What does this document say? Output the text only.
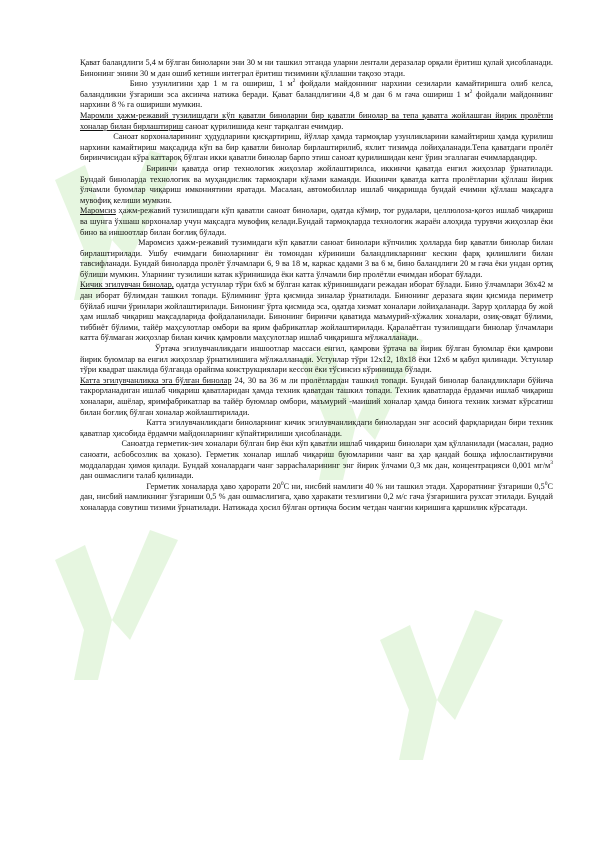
Қават баландлиги 5,4 м бўлган биноларни эни 30 м ни ташкил этганда уларни лентали деразалар орқали ёритиш қулай ҳисобланади. Бинонинг энини 30 м дан ошиб кетиши интеграл ёритиш тизимини қўллашни тақозо этади.

Бино узунлигини ҳар 1 м га ошириш, 1 $м^2$ фойдали майдоннинг нархини сезиларли камайтиришга олиб келса, баландликни ўзгариши эса аксинча натижа беради. Қават баландлигини 4,8 м дан 6 м гача ошириш 1 $м^2$ фойдали майдоннинг нархини 8 % га ошириши мумкин.

Маромли ҳажм-режавий тузилишдаги кўп қаватли биноларни бир қаватли бинолар ва тепа қаватга жойлашган йирик пролётли хоналар билан бирлаштириш саноат қурилишида кенг тарқалган ечимдир.

Саноат корхоналарининг ҳудудларини қисқартириш, йўллар ҳамда тармоқлар узунликларини камайтириш ҳамда қурилиш нархини камайтириш мақсадида кўп ва бир қаватли бинолар бирлаштирилиб, яхлит тизимда лойиҳаланади.Тепа қаватдаги пролёт биринчисидан кўра каттароқ бўлган икки қаватли бинолар барпо этиш саноат қурилишидан кенг ўрин эгаллаган ечимлардандир.

Биринчи қаватда оғир технологик жиҳозлар жойлаштирилса, иккинчи қаватда енгил жиҳозлар ўрнатилади. Бундай биноларда технологик ва муҳандислик тармоқлари кўлами камаяди. Иккинчи қаватда катта пролётларни қўллаш йирик ўлчамли буюмлар чиқариш имкониятини яратади. Масалан, автомобиллар ишлаб чиқаришда бундай ечимни қўллаш мақсадга мувофиқ келиши мумкин.

Маромсиз ҳажм-режавий тузилишдаги кўп қаватли саноат бинолари, одатда кўмир, тоғ рудалари, целлюлоза-қоғоз ишлаб чиқариш ва шунга ўхшаш корхоналар учун мақсадга мувофиқ келади.Бундай тармоқларда технологик жараён алоҳида турувчи жиҳозлар ёки бино ва иншоотлар билан боғлиқ бўлади.

Маромсиз ҳажм-режавий тузимидаги кўп қаватли саноат бинолари кўпчилик ҳолларда бир қаватли бинолар билан бирлаштирилади. Ушбу ечимдаги биноларнинг ён томондан кўриниши баландликларнинг кескин фарқ қилишлиги билан тавсифланади. Бундай биноларда пролёт ўлчамлари 6, 9 ва 18 м, каркас қадами 3 ва 6 м, бино баландлиги 20 м гача ёки ундан ортиқ бўлиши мумкин. Уларнинг тузилиши катак кўринишида ёки катта ўлчамли бир пролётли ечимдан иборат бўлади.

Кичик эгилувчан бинолар, одатда устунлар тўри 6х6 м бўлган катак кўринишидаги режадан иборат бўлади. Бино ўлчамлари 36х42 м дан иборат бўлимдан ташкил топади. Бўлимнинг ўрта қисмида зиналар ўрнатилади. Бинонинг деразага яқин қисмида периметр бўйлаб ишчи ўринлари жойлаштирилади. Бинонинг ўрта қисмида эса, одатда хизмат хоналари лойиҳаланади. Зарур ҳолларда бу жой ҳам ишлаб чиқариш мақсадларида фойдаланилади. Бинонинг биринчи қаватида маъмурий-хўжалик хоналари, озиқ-овқат бўлими, тиббиёт бўлими, тайёр маҳсулотлар омбори ва ярим фабрикатлар жойлаштирилади. Қаралаётган тузилишдаги бинолар ўлчамлари катта бўлмаган жиҳозлар билан кичик қамровли маҳсулотлар ишлаб чиқаришга мўлжалланади.

Ўртача эгилувчанликдаги иншоотлар массаси енгил, қамрови ўртача ва йирик бўлган буюмлар ёки қамрови йирик буюмлар ва енгил жиҳозлар ўрнатилишига мўлжалланади. Устунлар тўри 12х12, 18х18 ёки 12х6 м қабул қилинади. Устунлар тўри квадрат шаклида бўлганда орайпма конструкциялари кессон ёки тўсинсиз кўринишда бўлади.

Катта эгилувчанликка эга бўлган бинолар 24, 30 ва 36 м ли пролётлардан ташкил топади. Бундай бинолар баландликлари бўйича такрорланадиган ишлаб чиқариш қаватларидан ҳамда техник қаватдан ташкил топади. Техник қаватларда ёрдамчи ишлаб чиқариш хоналари, ашёлар, яримфабрикатлар ва тайёр буюмлар омбори, маъмурий -маиший хоналар ҳамда бинога техник хизмат кўрсатиш билан боғлиқ бўлган хоналар жойлаштирилади.

Катта эгилувчанликдаги биноларнинг кичик эгилувчанликдаги бинолардан энг асосий фарқларидан бири техник қаватлар ҳисобида ёрдамчи майдонларнинг кўпайтирилиши ҳисобланади.

Саноатда герметик-зич хоналари бўлган бир ёки кўп қаватли ишлаб чиқариш бинолари ҳам қўлланилади (масалан, радио саноати, асбобсозлик ва ҳоказо). Герметик хоналар ишлаб чиқариш буюмларини чанг ва ҳар қандай бошқа ифлослантирувчи моддалардан ҳимоя қилади. Бундай хоналардаги чанг зарраchаларининг энг йирик ўлчами 0,3 мк дан, концентрацияси 0,001 $мг/м^3$ дан ошмаслиги талаб қилинади.

Герметик хоналарда ҳаво ҳарорати $20^0С$ ни, нисбий намлиги 40 % ни ташкил этади. Ҳароратнинг ўзгариши $0,5^0С$ дан, нисбий намликнинг ўзгариши 0,5 % дан ошмаслигига, ҳаво ҳаракати тезлигини 0,2 м/с гача ўзгаришига рухсат этилади. Бундай хоналарда совутиш тизими ўрнатилади. Натижада ҳосил бўлган ортиқча босим четдан чангни киришига қаршилик кўрсатади.
